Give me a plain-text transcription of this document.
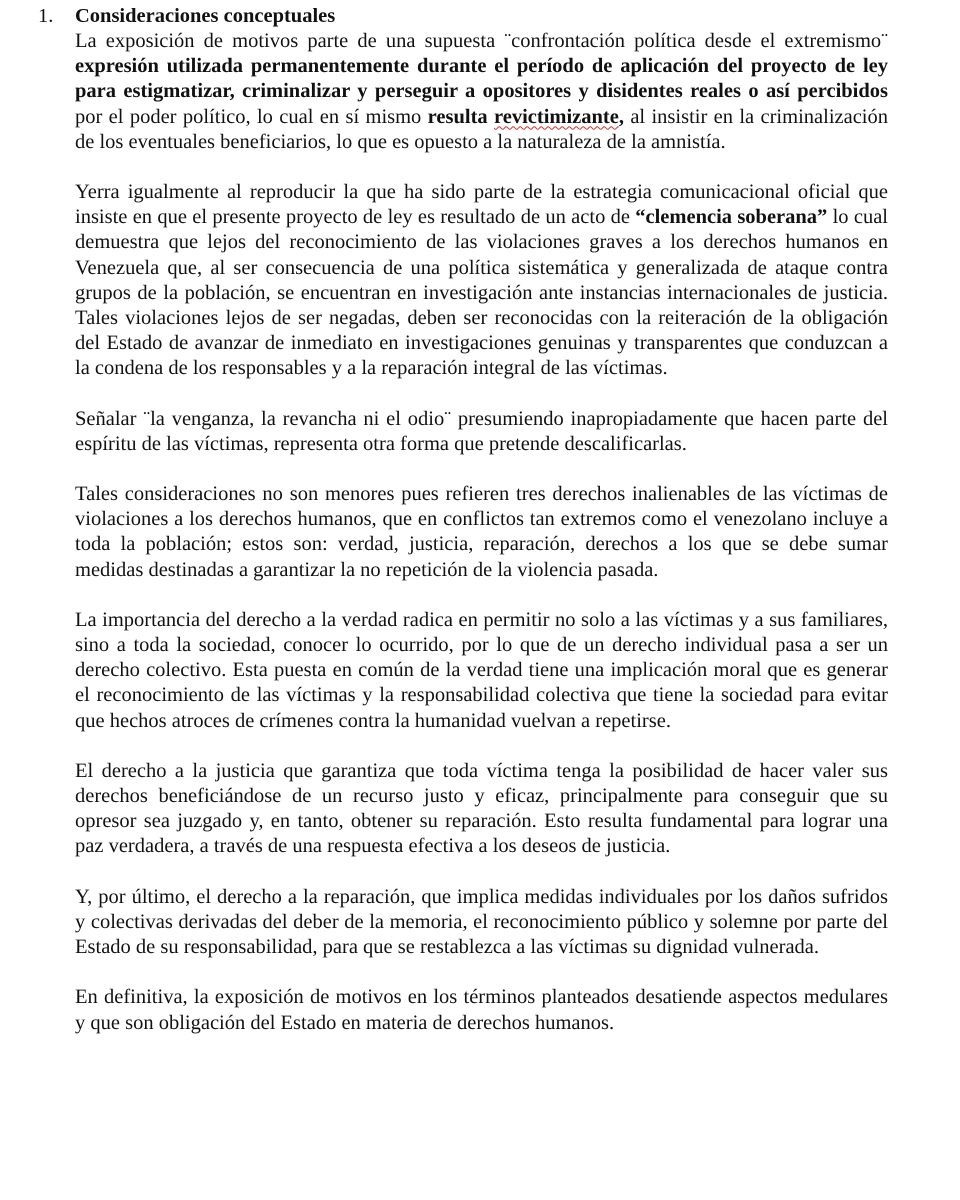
1. Consideraciones conceptuales

La exposición de motivos parte de una supuesta ¨confrontación política desde el extremismo¨ expresión utilizada permanentemente durante el período de aplicación del proyecto de ley para estigmatizar, criminalizar y perseguir a opositores y disidentes reales o así percibidos por el poder político, lo cual en sí mismo resulta revictimizante, al insistir en la criminalización de los eventuales beneficiarios, lo que es opuesto a la naturaleza de la amnistía.

Yerra igualmente al reproducir la que ha sido parte de la estrategia comunicacional oficial que insiste en que el presente proyecto de ley es resultado de un acto de “clemencia soberana” lo cual demuestra que lejos del reconocimiento de las violaciones graves a los derechos humanos en Venezuela que, al ser consecuencia de una política sistemática y generalizada de ataque contra grupos de la población, se encuentran en investigación ante instancias internacionales de justicia. Tales violaciones lejos de ser negadas, deben ser reconocidas con la reiteración de la obligación del Estado de avanzar de inmediato en investigaciones genuinas y transparentes que conduzcan a la condena de los responsables y a la reparación integral de las víctimas.

Señalar ¨la venganza, la revancha ni el odio¨ presumiendo inapropiadamente que hacen parte del espíritu de las víctimas, representa otra forma que pretende descalificarlas.

Tales consideraciones no son menores pues refieren tres derechos inalienables de las víctimas de violaciones a los derechos humanos, que en conflictos tan extremos como el venezolano incluye a toda la población; estos son: verdad, justicia, reparación, derechos a los que se debe sumar medidas destinadas a garantizar la no repetición de la violencia pasada.

La importancia del derecho a la verdad radica en permitir no solo a las víctimas y a sus familiares, sino a toda la sociedad, conocer lo ocurrido, por lo que de un derecho individual pasa a ser un derecho colectivo. Esta puesta en común de la verdad tiene una implicación moral que es generar el reconocimiento de las víctimas y la responsabilidad colectiva que tiene la sociedad para evitar que hechos atroces de crímenes contra la humanidad vuelvan a repetirse.

El derecho a la justicia que garantiza que toda víctima tenga la posibilidad de hacer valer sus derechos beneficiándose de un recurso justo y eficaz, principalmente para conseguir que su opresor sea juzgado y, en tanto, obtener su reparación. Esto resulta fundamental para lograr una paz verdadera, a través de una respuesta efectiva a los deseos de justicia.

Y, por último, el derecho a la reparación, que implica medidas individuales por los daños sufridos y colectivas derivadas del deber de la memoria, el reconocimiento público y solemne por parte del Estado de su responsabilidad, para que se restablezca a las víctimas su dignidad vulnerada.

En definitiva, la exposición de motivos en los términos planteados desatiende aspectos medulares y que son obligación del Estado en materia de derechos humanos.
